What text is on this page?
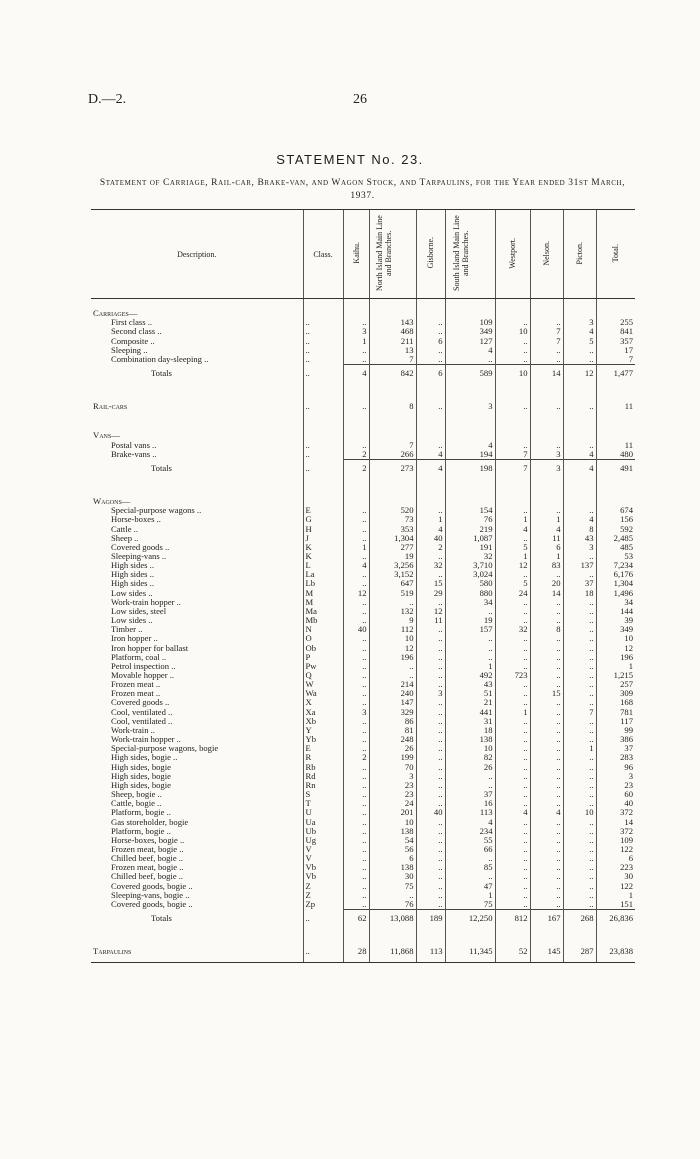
D.—2.	26
STATEMENT No. 23.
Statement of Carriage, Rail-car, Brake-van, and Wagon Stock, and Tarpaulins, for the Year ended 31st March, 1937.
Description.	Class.	Kaihu.	North Island Main Line and Branches.	Gisborne.	South Island Main Line and Branches.	Westport.	Nelson.	Picton.	Total.

Carriages—									
First class ..	..	..	143	..	109	..	..	3	255
Second class ..	..	3	468	..	349	10	7	4	841
Composite ..	..	1	211	6	127	..	7	5	357
Sleeping ..	..	..	13	..	4	..	..	..	17
Combination day-sleeping ..	..	..	7	..	..	..	..	..	7
Totals	..	4	842	6	589	10	14	12	1,477

Rail-cars	..	..	8	..	3	..	..	..	11

Vans—									
Postal vans ..	..	..	7	..	4	..	..	..	11
Brake-vans ..	..	2	266	4	194	7	3	4	480
Totals	..	2	273	4	198	7	3	4	491

Wagons—									
Special-purpose wagons ..	E	..	520	..	154	..	..	..	674
Horse-boxes ..	G	..	73	1	76	1	1	4	156
Cattle ..	H	..	353	4	219	4	4	8	592
Sheep ..	J	..	1,304	40	1,087	..	11	43	2,485
Covered goods ..	K	1	277	2	191	5	6	3	485
Sleeping-vans ..	K	..	19	..	32	1	1	..	53
High sides ..	L	4	3,256	32	3,710	12	83	137	7,234
High sides ..	La	..	3,152	..	3,024	..	..	..	6,176
High sides ..	Lb	..	647	15	580	5	20	37	1,304
Low sides ..	M	12	519	29	880	24	14	18	1,496
Work-train hopper ..	M	..	..	..	34	..	..	..	34
Low sides, steel	Ma	..	132	12	..	..	..	..	144
Low sides ..	Mb	..	9	11	19	..	..	..	39
Timber ..	N	40	112	..	157	32	8	..	349
Iron hopper ..	O	..	10	..	..	..	..	..	10
Iron hopper for ballast	Ob	..	12	..	..	..	..	..	12
Platform, coal ..	P	..	196	..	..	..	..	..	196
Petrol inspection ..	Pw	..	..	..	1	..	..	..	1
Movable hopper ..	Q	..	..	..	492	723	..	..	1,215
Frozen meat ..	W	..	214	..	43	..	..	..	257
Frozen meat ..	Wa	..	240	3	51	..	15	..	309
Covered goods ..	X	..	147	..	21	..	..	..	168
Cool, ventilated ..	Xa	3	329	..	441	1	..	7	781
Cool, ventilated ..	Xb	..	86	..	31	..	..	..	117
Work-train ..	Y	..	81	..	18	..	..	..	99
Work-train hopper ..	Yb	..	248	..	138	..	..	..	386
Special-purpose wagons, bogie	E	..	26	..	10	..	..	1	37
High sides, bogie ..	R	2	199	..	82	..	..	..	283
High sides, bogie	Rb	..	70	..	26	..	..	..	96
High sides, bogie	Rd	..	3	..	..	..	..	..	3
High sides, bogie	Rn	..	23	..	..	..	..	..	23
Sheep, bogie ..	S	..	23	..	37	..	..	..	60
Cattle, bogie ..	T	..	24	..	16	..	..	..	40
Platform, bogie ..	U	..	201	40	113	4	4	10	372
Gas storeholder, bogie	Ua	..	10	..	4	..	..	..	14
Platform, bogie ..	Ub	..	138	..	234	..	..	..	372
Horse-boxes, bogie ..	Ug	..	54	..	55	..	..	..	109
Frozen meat, bogie ..	V	..	56	..	66	..	..	..	122
Chilled beef, bogie ..	V	..	6	..	..	..	..	..	6
Frozen meat, bogie ..	Vb	..	138	..	85	..	..	..	223
Chilled beef, bogie ..	Vb	..	30	..	..	..	..	..	30
Covered goods, bogie ..	Z	..	75	..	47	..	..	..	122
Sleeping-vans, bogie ..	Z	..	..	..	1	..	..	..	1
Covered goods, bogie ..	Zp	..	76	..	75	..	..	..	151
Totals	..	62	13,088	189	12,250	812	167	268	26,836

Tarpaulins	..	28	11,868	113	11,345	52	145	287	23,838
